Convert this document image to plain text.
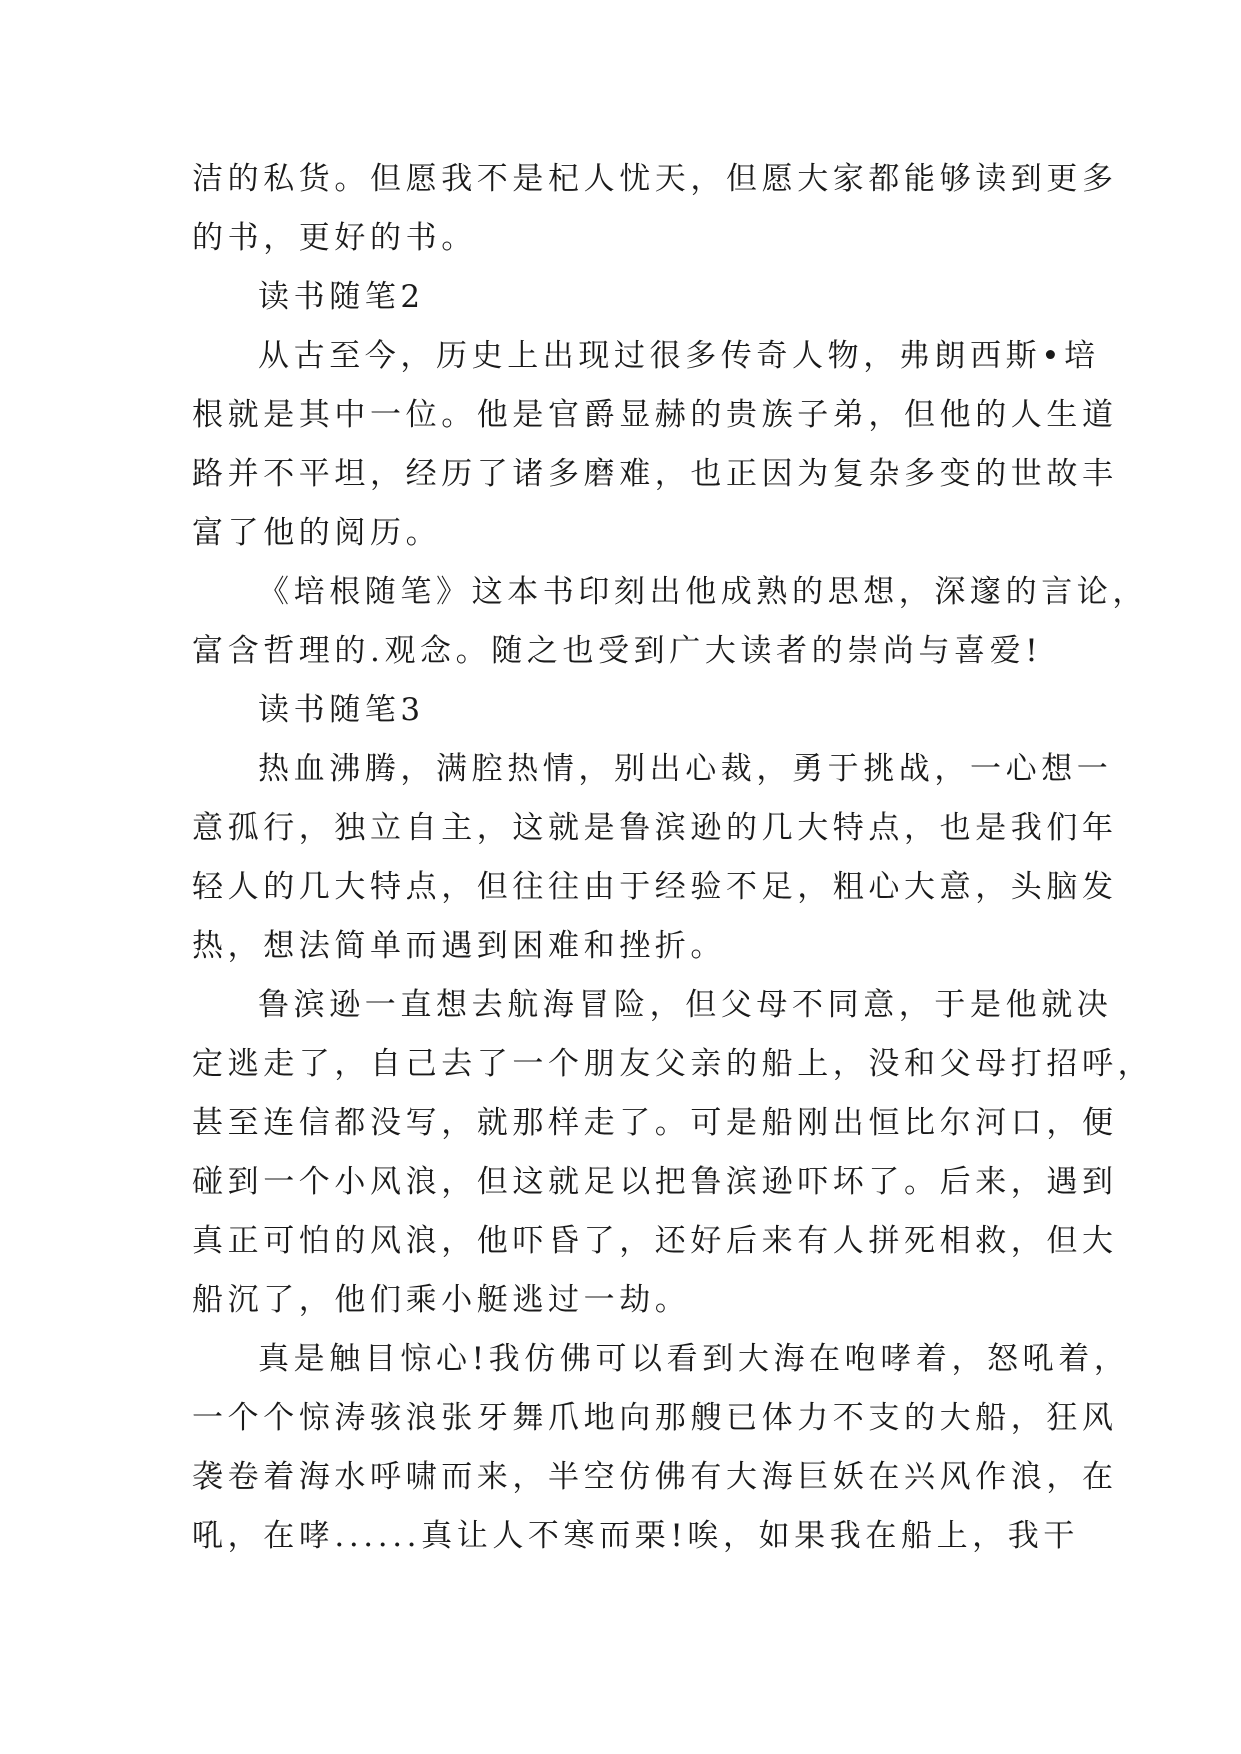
洁的私货。但愿我不是杞人忧天，但愿大家都能够读到更多
的书，更好的书。
读书随笔2
从古至今，历史上出现过很多传奇人物，弗朗西斯•培
根就是其中一位。他是官爵显赫的贵族子弟，但他的人生道
路并不平坦，经历了诸多磨难，也正因为复杂多变的世故丰
富了他的阅历。
《培根随笔》这本书印刻出他成熟的思想，深邃的言论，
富含哲理的.观念。随之也受到广大读者的崇尚与喜爱!
读书随笔3
热血沸腾，满腔热情，别出心裁，勇于挑战，一心想一
意孤行，独立自主，这就是鲁滨逊的几大特点，也是我们年
轻人的几大特点，但往往由于经验不足，粗心大意，头脑发
热，想法简单而遇到困难和挫折。
鲁滨逊一直想去航海冒险，但父母不同意，于是他就决
定逃走了，自己去了一个朋友父亲的船上，没和父母打招呼，
甚至连信都没写，就那样走了。可是船刚出恒比尔河口，便
碰到一个小风浪，但这就足以把鲁滨逊吓坏了。后来，遇到
真正可怕的风浪，他吓昏了，还好后来有人拼死相救，但大
船沉了，他们乘小艇逃过一劫。
真是触目惊心!我仿佛可以看到大海在咆哮着，怒吼着，
一个个惊涛骇浪张牙舞爪地向那艘已体力不支的大船，狂风
袭卷着海水呼啸而来，半空仿佛有大海巨妖在兴风作浪，在
吼，在哮......真让人不寒而栗!唉，如果我在船上，我干
